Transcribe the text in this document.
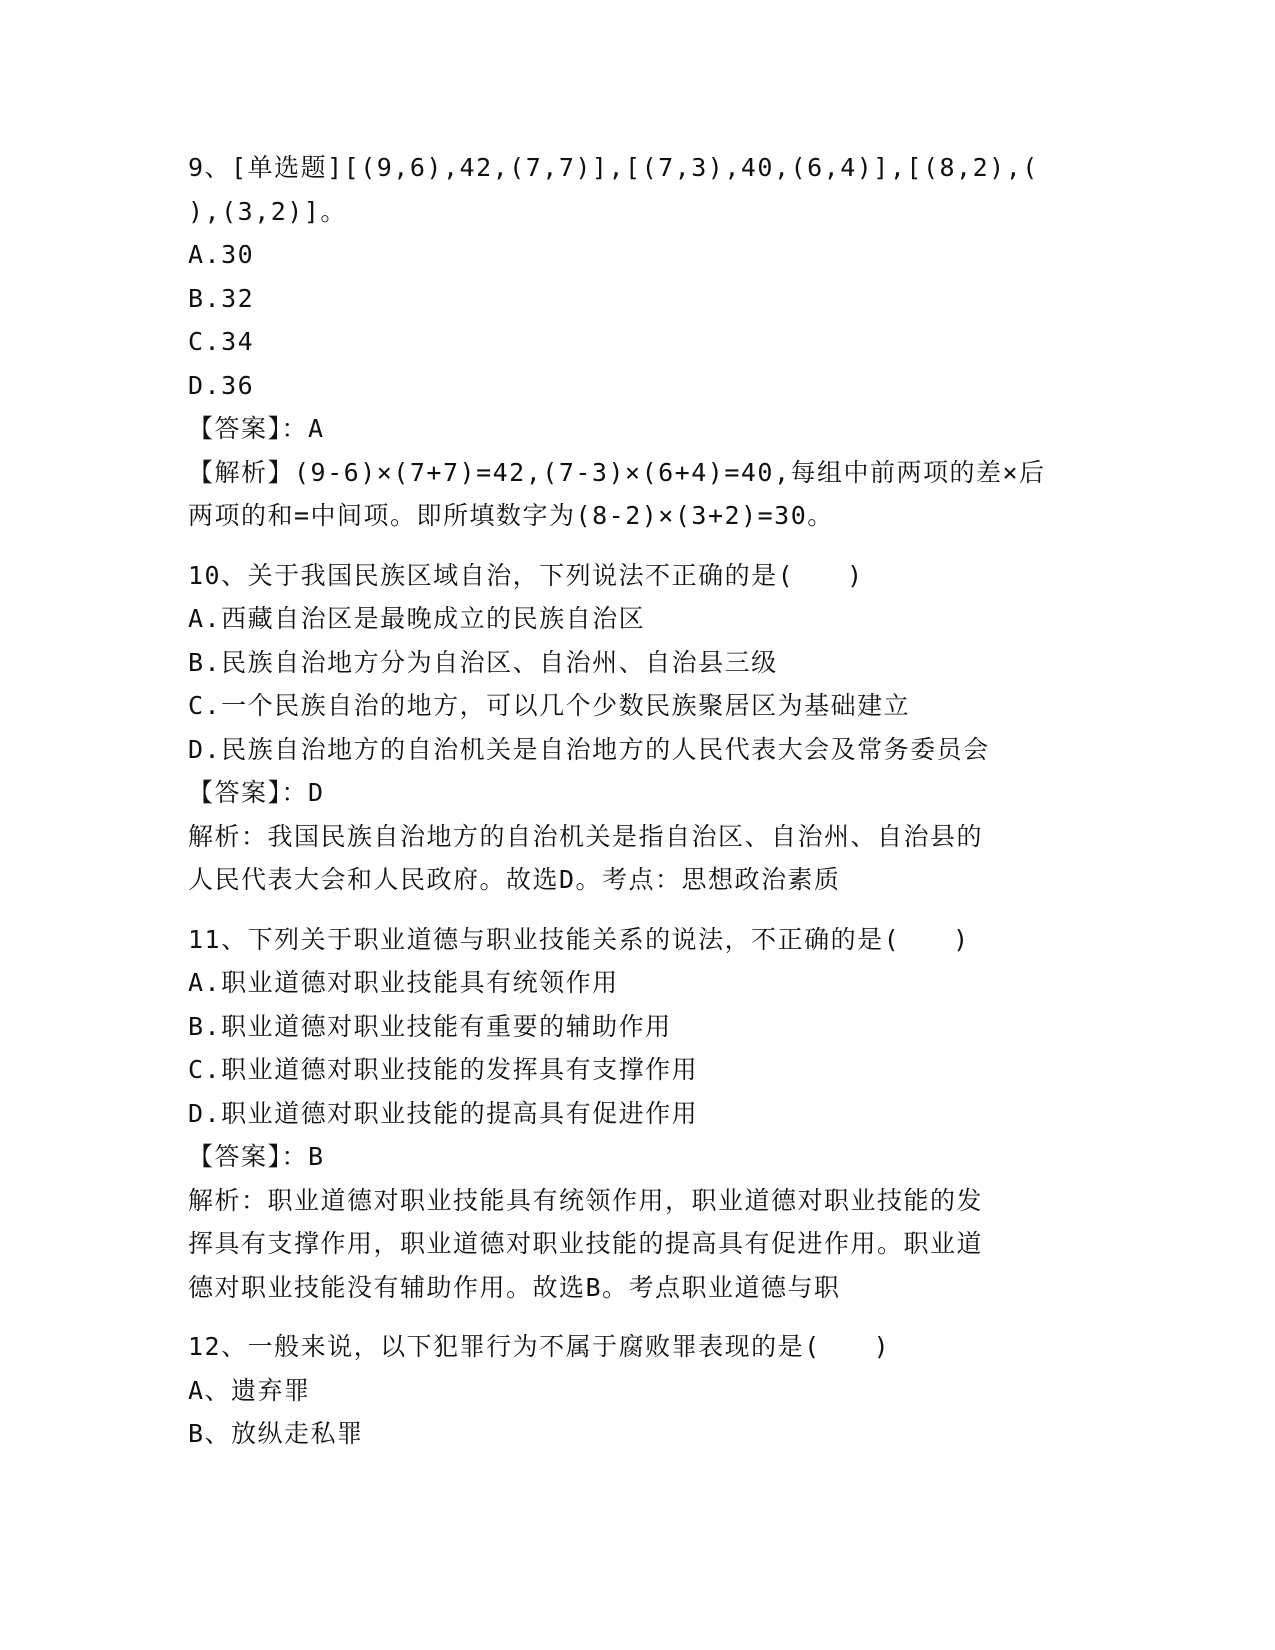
9、[单选题][(9,6),42,(7,7)],[(7,3),40,(6,4)],[(8,2),(
),(3,2)]。
A.30
B.32
C.34
D.36
【答案】：A
【解析】(9-6)×(7+7)=42,(7-3)×(6+4)=40,每组中前两项的差×后
两项的和=中间项。即所填数字为(8-2)×(3+2)=30。
10、关于我国民族区域自治，下列说法不正确的是(　　)
A.西藏自治区是最晚成立的民族自治区
B.民族自治地方分为自治区、自治州、自治县三级
C.一个民族自治的地方，可以几个少数民族聚居区为基础建立
D.民族自治地方的自治机关是自治地方的人民代表大会及常务委员会
【答案】：D
解析：我国民族自治地方的自治机关是指自治区、自治州、自治县的
人民代表大会和人民政府。故选D。考点：思想政治素质
11、下列关于职业道德与职业技能关系的说法，不正确的是(　　)
A.职业道德对职业技能具有统领作用
B.职业道德对职业技能有重要的辅助作用
C.职业道德对职业技能的发挥具有支撑作用
D.职业道德对职业技能的提高具有促进作用
【答案】：B
解析：职业道德对职业技能具有统领作用，职业道德对职业技能的发
挥具有支撑作用，职业道德对职业技能的提高具有促进作用。职业道
德对职业技能没有辅助作用。故选B。考点职业道德与职
12、一般来说，以下犯罪行为不属于腐败罪表现的是(　　)
A、遗弃罪
B、放纵走私罪
